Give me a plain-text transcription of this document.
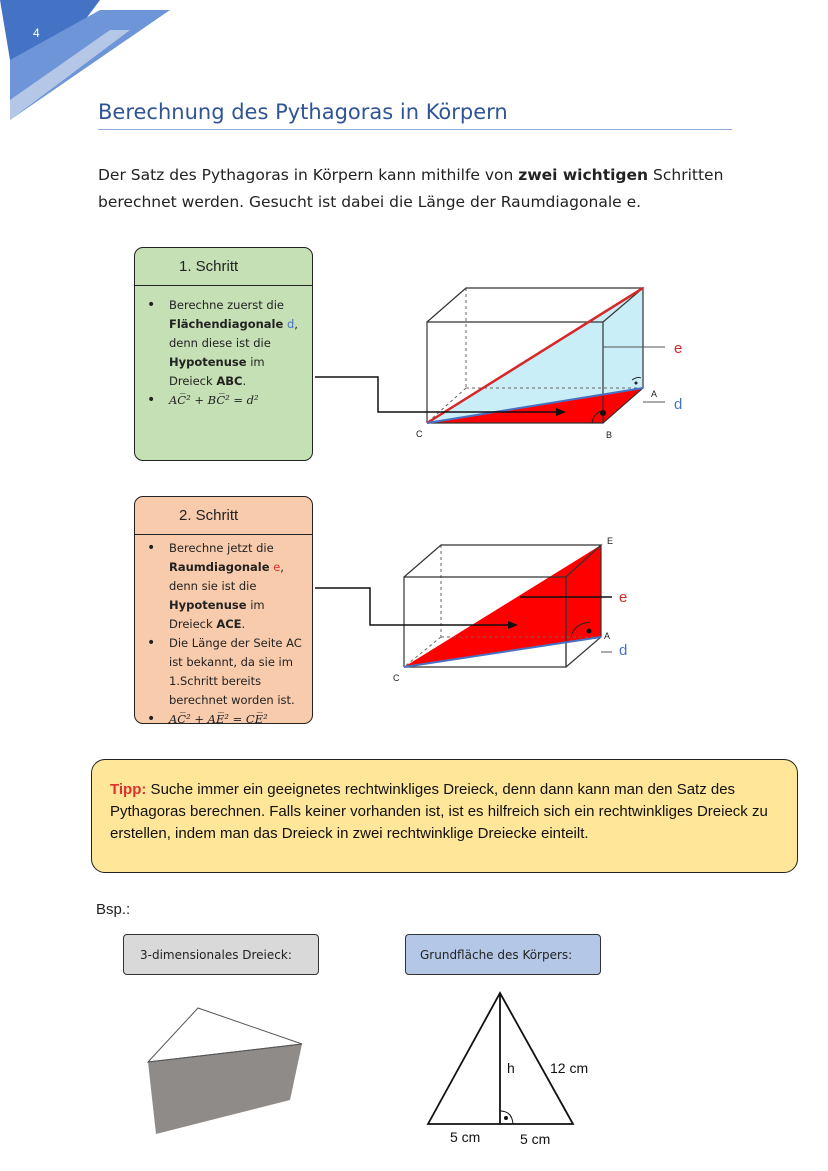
4
Berechnung des Pythagoras in Körpern
Der Satz des Pythagoras in Körpern kann mithilfe von zwei wichtigen Schritten berechnet werden. Gesucht ist dabei die Länge der Raumdiagonale e.
1. Schritt
• Berechne zuerst die Flächendiagonale d, denn diese ist die Hypotenuse im Dreieck ABC.
• AC̅² + BC̅² = d²
2. Schritt
• Berechne jetzt die Raumdiagonale e, denn sie ist die Hypotenuse im Dreieck ACE.
• Die Länge der Seite AC ist bekannt, da sie im 1.Schritt bereits berechnet worden ist.
• AC̅² + AE̅² = CE̅²
e
d
A
B
C
e
d
A
E
C
Tipp: Suche immer ein geeignetes rechtwinkliges Dreieck, denn dann kann man den Satz des Pythagoras berechnen. Falls keiner vorhanden ist, ist es hilfreich sich ein rechtwinkliges Dreieck zu erstellen, indem man das Dreieck in zwei rechtwinklige Dreiecke einteilt.
Bsp.:
3-dimensionales Dreieck:	Grundfläche des Körpers:
h	12 cm
5 cm	5 cm
